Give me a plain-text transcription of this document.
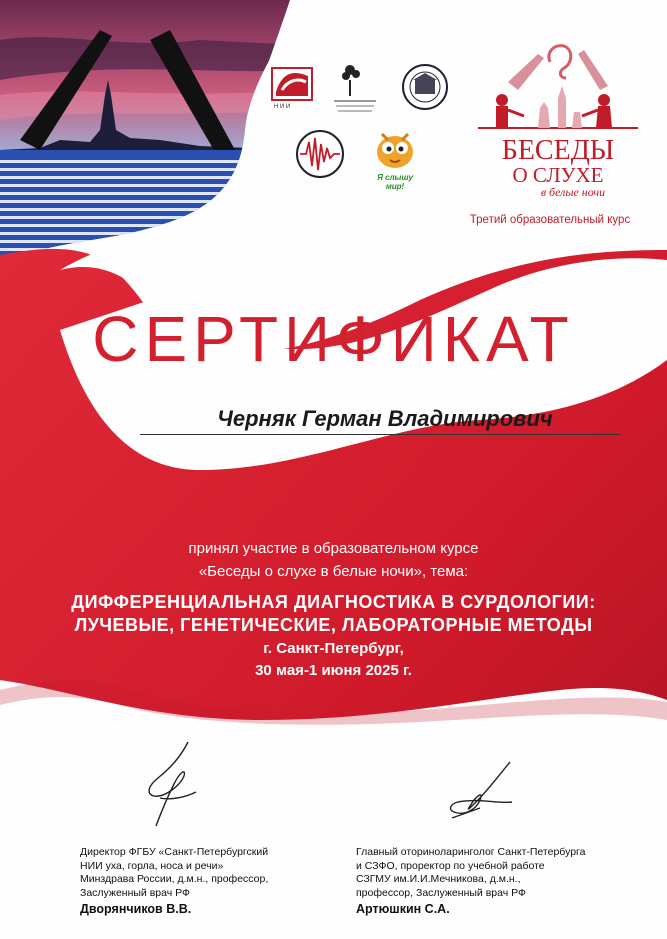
Н И И
Я слышу мир!
БЕСЕДЫ
О СЛУХЕ
в белые ночи
Третий образовательный курс
СЕРТИФИКАТ
Черняк Герман Владимирович
принял участие в образовательном курсе
«Беседы о слухе в белые ночи», тема:
ДИФФЕРЕНЦИАЛЬНАЯ ДИАГНОСТИКА В СУРДОЛОГИИ:
ЛУЧЕВЫЕ, ГЕНЕТИЧЕСКИЕ, ЛАБОРАТОРНЫЕ МЕТОДЫ
г. Санкт-Петербург,
30 мая-1 июня 2025 г.
Директор ФГБУ «Санкт-Петербургский
НИИ уха, горла, носа и речи»
Минздрава России, д.м.н., профессор,
Заслуженный врач РФ
Дворянчиков В.В.
Главный оториноларинголог Санкт-Петербурга
и СЗФО, проректор по учебной работе
СЗГМУ им.И.И.Мечникова, д.м.н.,
профессор, Заслуженный врач РФ
Артюшкин С.А.
